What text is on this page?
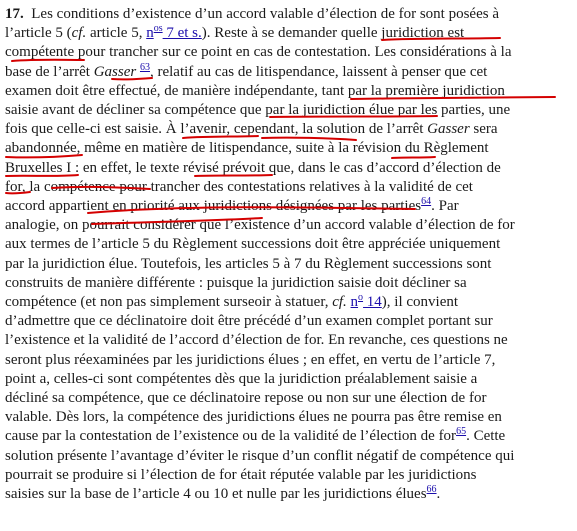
17.  Les conditions d’existence d’un accord valable d’élection de for sont posées à
l’article 5 (cf. article 5, $n^{os}$ 7 et s.). Reste à se demander quelle juridiction est
compétente pour trancher sur ce point en cas de contestation. Les considérations à la
base de l’arrêt Gasser $^{63}$, relatif au cas de litispendance, laissent à penser que cet
examen doit être effectué, de manière indépendante, tant par la première juridiction
saisie avant de décliner sa compétence que par la juridiction élue par les parties, une
fois que celle-ci est saisie. À l’avenir, cependant, la solution de l’arrêt Gasser sera
abandonnée, même en matière de litispendance, suite à la révision du Règlement
Bruxelles I : en effet, le texte révisé prévoit que, dans le cas d’accord d’élection de
for, la compétence pour trancher des contestations relatives à la validité de cet
accord appartient en priorité aux juridictions désignées par les parties$^{64}$. Par
analogie, on pourrait considérer que l’existence d’un accord valable d’élection de for
aux termes de l’article 5 du Règlement successions doit être appréciée uniquement
par la juridiction élue. Toutefois, les articles 5 à 7 du Règlement successions sont
construits de manière différente : puisque la juridiction saisie doit décliner sa
compétence (et non pas simplement surseoir à statuer, cf. $n^o$ 14), il convient
d’admettre que ce déclinatoire doit être précédé d’un examen complet portant sur
l’existence et la validité de l’accord d’élection de for. En revanche, ces questions ne
seront plus réexaminées par les juridictions élues ; en effet, en vertu de l’article 7,
point a, celles-ci sont compétentes dès que la juridiction préalablement saisie a
décliné sa compétence, que ce déclinatoire repose ou non sur une élection de for
valable. Dès lors, la compétence des juridictions élues ne pourra pas être remise en
cause par la contestation de l’existence ou de la validité de l’élection de for$^{65}$. Cette
solution présente l’avantage d’éviter le risque d’un conflit négatif de compétence qui
pourrait se produire si l’élection de for était réputée valable par les juridictions
saisies sur la base de l’article 4 ou 10 et nulle par les juridictions élues$^{66}$.
